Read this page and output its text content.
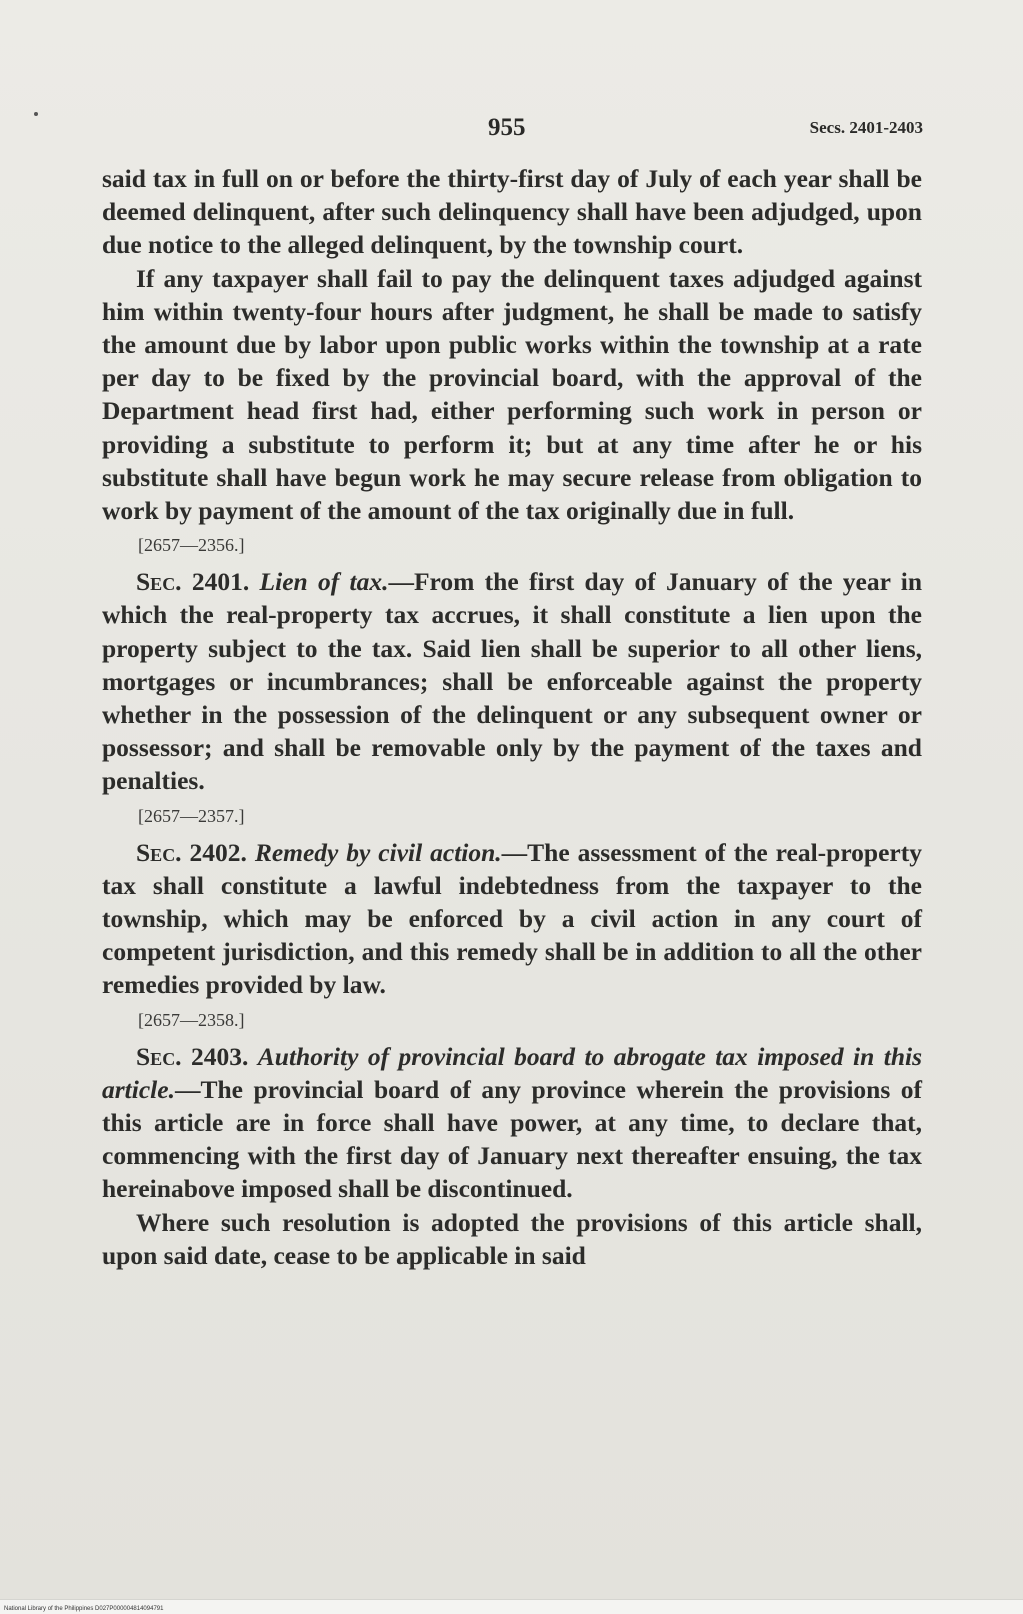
955	Secs. 2401-2403

said tax in full on or before the thirty-first day of July of each year shall be deemed delinquent, after such delinquency shall have been adjudged, upon due notice to the alleged delinquent, by the township court.

If any taxpayer shall fail to pay the delinquent taxes adjudged against him within twenty-four hours after judgment, he shall be made to satisfy the amount due by labor upon public works within the township at a rate per day to be fixed by the provincial board, with the approval of the Department head first had, either performing such work in person or providing a substitute to perform it; but at any time after he or his substitute shall have begun work he may secure release from obligation to work by payment of the amount of the tax originally due in full.

[2657—2356.]

Sec. 2401. Lien of tax.—From the first day of January of the year in which the real-property tax accrues, it shall constitute a lien upon the property subject to the tax. Said lien shall be superior to all other liens, mortgages or incumbrances; shall be enforceable against the property whether in the possession of the delinquent or any subsequent owner or possessor; and shall be removable only by the payment of the taxes and penalties.

[2657—2357.]

Sec. 2402. Remedy by civil action.—The assessment of the real-property tax shall constitute a lawful indebtedness from the taxpayer to the township, which may be enforced by a civil action in any court of competent jurisdiction, and this remedy shall be in addition to all the other remedies provided by law.

[2657—2358.]

Sec. 2403. Authority of provincial board to abrogate tax imposed in this article.—The provincial board of any province wherein the provisions of this article are in force shall have power, at any time, to declare that, commencing with the first day of January next thereafter ensuing, the tax hereinabove imposed shall be discontinued.

Where such resolution is adopted the provisions of this article shall, upon said date, cease to be applicable in said

National Library of the Philippines D027P000004814094791
